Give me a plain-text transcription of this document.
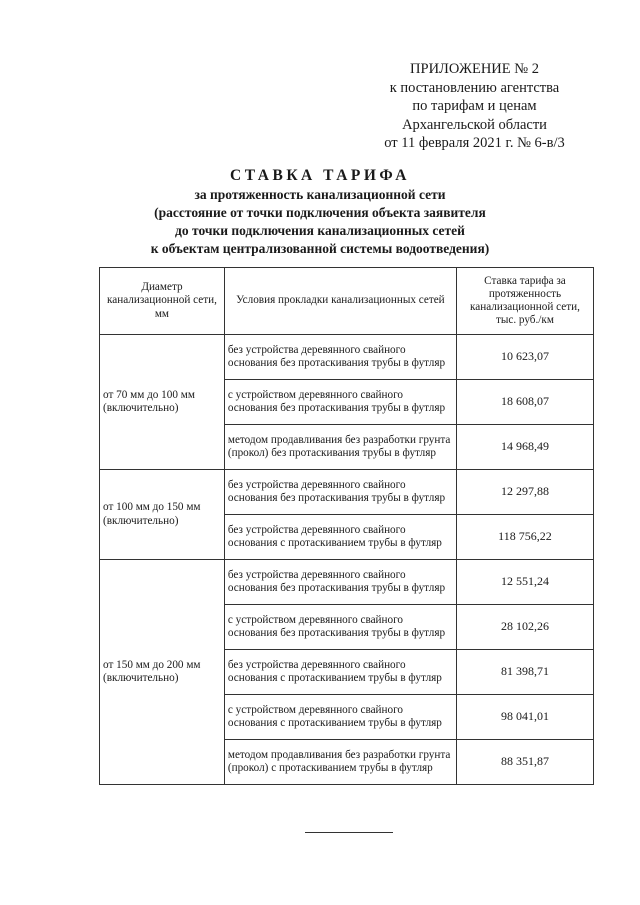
ПРИЛОЖЕНИЕ № 2
к постановлению агентства
по тарифам и ценам
Архангельской области
от 11 февраля 2021 г. № 6-в/3
СТАВКА ТАРИФА
за протяженность канализационной сети
(расстояние от точки подключения объекта заявителя
до точки подключения канализационных сетей
к объектам централизованной системы водоотведения)
Диаметр канализационной сети, мм	Условия прокладки канализационных сетей	Ставка тарифа за протяженность канализационной сети, тыс. руб./км
от 70 мм до 100 мм (включительно)	без устройства деревянного свайного основания без протаскивания трубы в футляр	10 623,07
	с устройством деревянного свайного основания без протаскивания трубы в футляр	18 608,07
	методом продавливания без разработки грунта (прокол) без протаскивания трубы в футляр	14 968,49
от 100 мм до 150 мм (включительно)	без устройства деревянного свайного основания без протаскивания трубы в футляр	12 297,88
	без устройства деревянного свайного основания с протаскиванием трубы в футляр	118 756,22
от 150 мм до 200 мм (включительно)	без устройства деревянного свайного основания без протаскивания трубы в футляр	12 551,24
	с устройством деревянного свайного основания без протаскивания трубы в футляр	28 102,26
	без устройства деревянного свайного основания с протаскиванием трубы в футляр	81 398,71
	с устройством деревянного свайного основания с протаскиванием трубы в футляр	98 041,01
	методом продавливания без разработки грунта (прокол) с протаскиванием трубы в футляр	88 351,87
